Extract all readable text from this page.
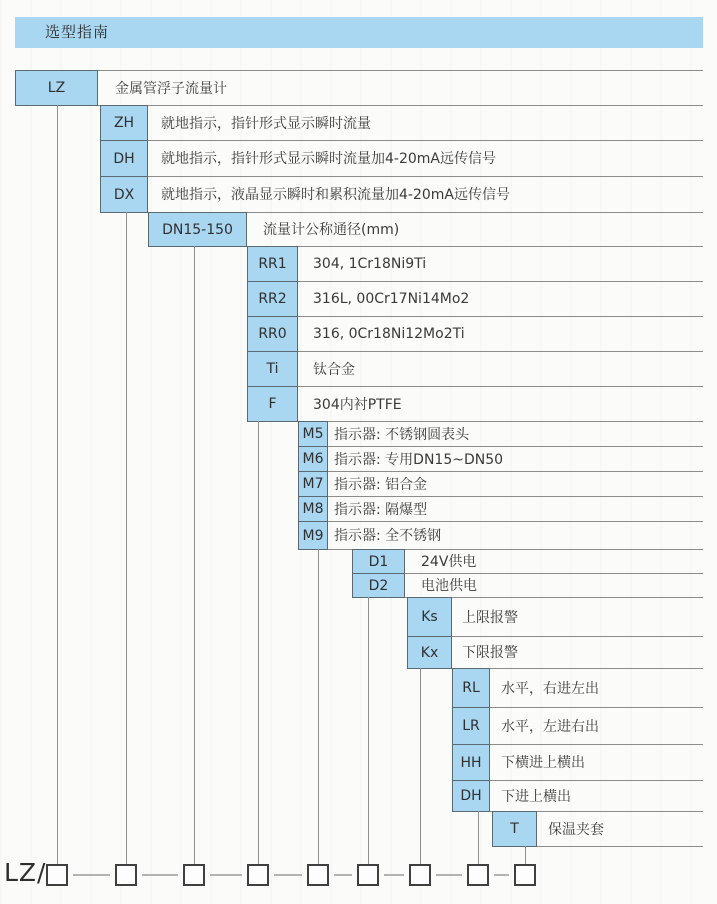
选型指南
LZ	金属管浮子流量计
ZH	就地指示，指针形式显示瞬时流量
DH	就地指示，指针形式显示瞬时流量加4-20mA远传信号
DX	就地指示，液晶显示瞬时和累积流量加4-20mA远传信号
DN15-150	流量计公称通径(mm)
RR1	304, 1Cr18Ni9Ti
RR2	316L, 00Cr17Ni14Mo2
RR0	316, 0Cr18Ni12Mo2Ti
Ti	钛合金
F	304内衬PTFE
M5 指示器: 不锈钢圆表头
M6 指示器: 专用DN15~DN50
M7 指示器: 铝合金
M8 指示器: 隔爆型
M9 指示器: 全不锈钢
D1	24V供电
D2	电池供电
Ks	上限报警
Kx	下限报警
RL	水平，右进左出
LR	水平，左进右出
HH	下横进上横出
DH	下进上横出
T	保温夹套
LZ/
